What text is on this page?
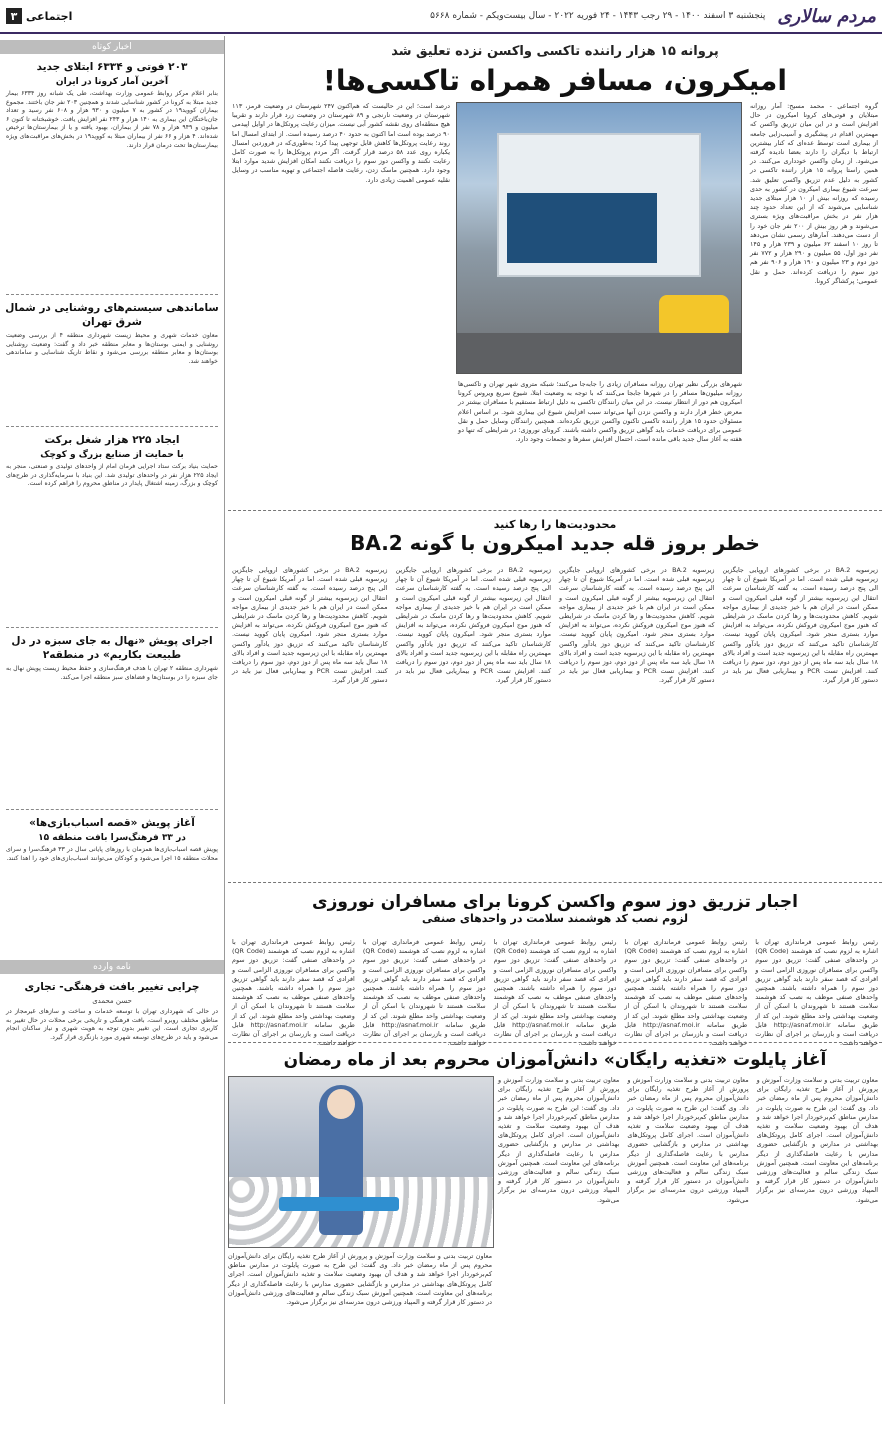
مردم سالاری
پنجشنبه ۳ اسفند ۱۴۰۰ - ۲۹ رجب ۱۴۴۳ - ۲۴ فوریه ۲۰۲۲ - سال بیست‌و‌یکم - شماره ۵۶۶۸
اجتماعی
۳
پروانه ۱۵ هزار راننده تاکسی واکسن نزده تعلیق شد
امیکرون، مسافر همراه تاکسی‌ها!

گروه اجتماعی - محمد مسیح: آمار روزانه مبتلایان و فوتی‌های کرونا امیکرون در حال افزایش است و در این میان تزریق واکسن که مهمترین اقدام در پیشگیری و آسیب‌زایی جامعه از بیماری است توسط عده‌ای که کنار بیشترین ارتباط با دیگران را دارند بعضا نادیده گرفته می‌شود. از زمان واکسن خودداری می‌کنند. در همین راستا پروانه ۱۵ هزار راننده تاکسی در کشور به دلیل عدم تزریق واکسن تعلیق شد. سرعت شیوع بیماری امیکرون در کشور به حدی رسیده که روزانه بیش از ۱۰ هزار مبتلای جدید شناسایی می‌شوند که از این تعداد حدود چند هزار نفر در بخش مراقبت‌های ویژه بستری می‌شوند و هر روز بیش از ۲۰۰ نفر جان خود را از دست می‌دهند. آمارهای رسمی نشان می‌دهد تا روز ۱۰ اسفند ۶۲ میلیون و ۲۳۹ هزار و ۱۴۵ نفر دوز اول، ۵۵ میلیون و ۲۹۰ هزار و ۷۷۲ نفر دوز دوم و ۲۳ میلیون و ۱۹۰ هزار و ۹۰۶ نفر هم دوز سوم را دریافت کرده‌اند. حمل و نقل عمومی؛ پرکشاگر کرونا.

شهرهای بزرگی نظیر تهران روزانه مسافران زیادی را جابه‌جا می‌کنند؛ شبکه متروی شهر تهران و تاکسی‌ها روزانه میلیون‌ها مسافر را در شهرها جابجا می‌کنند که با توجه به وضعیت ابتلا، شیوع سریع ویروس کرونا امیکرون هم دور از انتظار نیست. در این میان رانندگان تاکسی به دلیل ارتباط مستقیم با مسافران بیشتر در معرض خطر قرار دارند و واکسن نزدن آنها می‌تواند سبب افزایش شیوع این بیماری شود. بر اساس اعلام مسئولان حدود ۱۵ هزار راننده تاکسی تاکنون واکسن تزریق نکرده‌اند. همچنین رانندگان وسایل حمل و نقل عمومی برای دریافت خدمات باید گواهی تزریق واکسن داشته باشند. کرونای نوروزی؛ در شرایطی که تنها دو هفته به آغاز سال جدید باقی مانده است، احتمال افزایش سفرها و تجمعات وجود دارد.

درصد است؛ این در حالیست که هم‌اکنون ۲۴۷ شهرستان در وضعیت قرمز، ۱۱۳ شهرستان در وضعیت نارنجی و ۸۹ شهرستان در وضعیت زرد قرار دارند و تقریبا هیچ منطقه‌ای روی نقشه کشور آبی نیست. میزان رعایت پروتکل‌ها در اوایل اپیدمی ۹۰ درصد بوده است اما اکنون به حدود ۴۰ درصد رسیده است. از ابتدای امسال اما روند رعایت پروتکل‌ها کاهش قابل توجهی پیدا کرد؛ به‌طوری‌که در فروردین امسال یکباره روی عدد ۵۸ درصد قرار گرفت. اگر مردم پروتکل‌ها را به صورت کامل رعایت نکنند و واکسن دوز سوم را دریافت نکنند امکان افزایش شدید موارد ابتلا وجود دارد. همچنین ماسک زدن، رعایت فاصله اجتماعی و تهویه مناسب در وسایل نقلیه عمومی اهمیت زیادی دارد.

محدودیت‌ها را رها کنید
خطر بروز قله جدید امیکرون با گونه BA.2

زیرسویه BA.2 در برخی کشورهای اروپایی جایگزین زیرسویه قبلی شده است. اما در آمریکا شیوع آن تا چهار الی پنج درصد رسیده است. به گفته کارشناسان سرعت انتقال این زیرسویه بیشتر از گونه قبلی امیکرون است و ممکن است در ایران هم با خیز جدیدی از بیماری مواجه شویم. کاهش محدودیت‌ها و رها کردن ماسک در شرایطی که هنوز موج امیکرون فروکش نکرده، می‌تواند به افزایش موارد بستری منجر شود. امیکرون پایان کووید نیست. کارشناسان تاکید می‌کنند که تزریق دوز یادآور واکسن مهمترین راه مقابله با این زیرسویه جدید است و افراد بالای ۱۸ سال باید سه ماه پس از دوز دوم، دوز سوم را دریافت کنند. افزایش تست PCR و بیماریابی فعال نیز باید در دستور کار قرار گیرد.

زیرسویه BA.2 در برخی کشورهای اروپایی جایگزین زیرسویه قبلی شده است. اما در آمریکا شیوع آن تا چهار الی پنج درصد رسیده است. به گفته کارشناسان سرعت انتقال این زیرسویه بیشتر از گونه قبلی امیکرون است و ممکن است در ایران هم با خیز جدیدی از بیماری مواجه شویم. کاهش محدودیت‌ها و رها کردن ماسک در شرایطی که هنوز موج امیکرون فروکش نکرده، می‌تواند به افزایش موارد بستری منجر شود. امیکرون پایان کووید نیست. کارشناسان تاکید می‌کنند که تزریق دوز یادآور واکسن مهمترین راه مقابله با این زیرسویه جدید است و افراد بالای ۱۸ سال باید سه ماه پس از دوز دوم، دوز سوم را دریافت کنند. افزایش تست PCR و بیماریابی فعال نیز باید در دستور کار قرار گیرد.

زیرسویه BA.2 در برخی کشورهای اروپایی جایگزین زیرسویه قبلی شده است. اما در آمریکا شیوع آن تا چهار الی پنج درصد رسیده است. به گفته کارشناسان سرعت انتقال این زیرسویه بیشتر از گونه قبلی امیکرون است و ممکن است در ایران هم با خیز جدیدی از بیماری مواجه شویم. کاهش محدودیت‌ها و رها کردن ماسک در شرایطی که هنوز موج امیکرون فروکش نکرده، می‌تواند به افزایش موارد بستری منجر شود. امیکرون پایان کووید نیست. کارشناسان تاکید می‌کنند که تزریق دوز یادآور واکسن مهمترین راه مقابله با این زیرسویه جدید است و افراد بالای ۱۸ سال باید سه ماه پس از دوز دوم، دوز سوم را دریافت کنند. افزایش تست PCR و بیماریابی فعال نیز باید در دستور کار قرار گیرد.

زیرسویه BA.2 در برخی کشورهای اروپایی جایگزین زیرسویه قبلی شده است. اما در آمریکا شیوع آن تا چهار الی پنج درصد رسیده است. به گفته کارشناسان سرعت انتقال این زیرسویه بیشتر از گونه قبلی امیکرون است و ممکن است در ایران هم با خیز جدیدی از بیماری مواجه شویم. کاهش محدودیت‌ها و رها کردن ماسک در شرایطی که هنوز موج امیکرون فروکش نکرده، می‌تواند به افزایش موارد بستری منجر شود. امیکرون پایان کووید نیست. کارشناسان تاکید می‌کنند که تزریق دوز یادآور واکسن مهمترین راه مقابله با این زیرسویه جدید است و افراد بالای ۱۸ سال باید سه ماه پس از دوز دوم، دوز سوم را دریافت کنند. افزایش تست PCR و بیماریابی فعال نیز باید در دستور کار قرار گیرد.

اجبار تزریق دوز سوم واکسن کرونا برای مسافران نوروزی
لزوم نصب کد هوشمند سلامت در واحدهای صنفی

رئیس روابط عمومی فرمانداری تهران با اشاره به لزوم نصب کد هوشمند (QR Code) در واحدهای صنفی گفت: تزریق دوز سوم واکسن برای مسافران نوروزی الزامی است و افرادی که قصد سفر دارند باید گواهی تزریق دوز سوم را همراه داشته باشند. همچنین واحدهای صنفی موظف به نصب کد هوشمند سلامت هستند تا شهروندان با اسکن آن از وضعیت بهداشتی واحد مطلع شوند. این کد از طریق سامانه http://asnaf.moi.ir قابل دریافت است و بازرسان بر اجرای آن نظارت خواهند داشت.

رئیس روابط عمومی فرمانداری تهران با اشاره به لزوم نصب کد هوشمند (QR Code) در واحدهای صنفی گفت: تزریق دوز سوم واکسن برای مسافران نوروزی الزامی است و افرادی که قصد سفر دارند باید گواهی تزریق دوز سوم را همراه داشته باشند. همچنین واحدهای صنفی موظف به نصب کد هوشمند سلامت هستند تا شهروندان با اسکن آن از وضعیت بهداشتی واحد مطلع شوند. این کد از طریق سامانه http://asnaf.moi.ir قابل دریافت است و بازرسان بر اجرای آن نظارت خواهند داشت.

رئیس روابط عمومی فرمانداری تهران با اشاره به لزوم نصب کد هوشمند (QR Code) در واحدهای صنفی گفت: تزریق دوز سوم واکسن برای مسافران نوروزی الزامی است و افرادی که قصد سفر دارند باید گواهی تزریق دوز سوم را همراه داشته باشند. همچنین واحدهای صنفی موظف به نصب کد هوشمند سلامت هستند تا شهروندان با اسکن آن از وضعیت بهداشتی واحد مطلع شوند. این کد از طریق سامانه http://asnaf.moi.ir قابل دریافت است و بازرسان بر اجرای آن نظارت خواهند داشت.

رئیس روابط عمومی فرمانداری تهران با اشاره به لزوم نصب کد هوشمند (QR Code) در واحدهای صنفی گفت: تزریق دوز سوم واکسن برای مسافران نوروزی الزامی است و افرادی که قصد سفر دارند باید گواهی تزریق دوز سوم را همراه داشته باشند. همچنین واحدهای صنفی موظف به نصب کد هوشمند سلامت هستند تا شهروندان با اسکن آن از وضعیت بهداشتی واحد مطلع شوند. این کد از طریق سامانه http://asnaf.moi.ir قابل دریافت است و بازرسان بر اجرای آن نظارت خواهند داشت.

رئیس روابط عمومی فرمانداری تهران با اشاره به لزوم نصب کد هوشمند (QR Code) در واحدهای صنفی گفت: تزریق دوز سوم واکسن برای مسافران نوروزی الزامی است و افرادی که قصد سفر دارند باید گواهی تزریق دوز سوم را همراه داشته باشند. همچنین واحدهای صنفی موظف به نصب کد هوشمند سلامت هستند تا شهروندان با اسکن آن از وضعیت بهداشتی واحد مطلع شوند. این کد از طریق سامانه http://asnaf.moi.ir قابل دریافت است و بازرسان بر اجرای آن نظارت خواهند داشت.

آغاز پایلوت «تغذیه رایگان» دانش‌آموزان محروم بعد از ماه رمضان

معاون تربیت بدنی و سلامت وزارت آموزش و پرورش از آغاز طرح تغذیه رایگان برای دانش‌آموزان محروم پس از ماه رمضان خبر داد. وی گفت: این طرح به صورت پایلوت در مدارس مناطق کم‌برخوردار اجرا خواهد شد و هدف آن بهبود وضعیت سلامت و تغذیه دانش‌آموزان است. اجرای کامل پروتکل‌های بهداشتی در مدارس و بازگشایی حضوری مدارس با رعایت فاصله‌گذاری از دیگر برنامه‌های این معاونت است. همچنین آموزش سبک زندگی سالم و فعالیت‌های ورزشی دانش‌آموزان در دستور کار قرار گرفته و المپیاد ورزشی درون مدرسه‌ای نیز برگزار می‌شود.

معاون تربیت بدنی و سلامت وزارت آموزش و پرورش از آغاز طرح تغذیه رایگان برای دانش‌آموزان محروم پس از ماه رمضان خبر داد. وی گفت: این طرح به صورت پایلوت در مدارس مناطق کم‌برخوردار اجرا خواهد شد و هدف آن بهبود وضعیت سلامت و تغذیه دانش‌آموزان است. اجرای کامل پروتکل‌های بهداشتی در مدارس و بازگشایی حضوری مدارس با رعایت فاصله‌گذاری از دیگر برنامه‌های این معاونت است. همچنین آموزش سبک زندگی سالم و فعالیت‌های ورزشی دانش‌آموزان در دستور کار قرار گرفته و المپیاد ورزشی درون مدرسه‌ای نیز برگزار می‌شود.

معاون تربیت بدنی و سلامت وزارت آموزش و پرورش از آغاز طرح تغذیه رایگان برای دانش‌آموزان محروم پس از ماه رمضان خبر داد. وی گفت: این طرح به صورت پایلوت در مدارس مناطق کم‌برخوردار اجرا خواهد شد و هدف آن بهبود وضعیت سلامت و تغذیه دانش‌آموزان است. اجرای کامل پروتکل‌های بهداشتی در مدارس و بازگشایی حضوری مدارس با رعایت فاصله‌گذاری از دیگر برنامه‌های این معاونت است. همچنین آموزش سبک زندگی سالم و فعالیت‌های ورزشی دانش‌آموزان در دستور کار قرار گرفته و المپیاد ورزشی درون مدرسه‌ای نیز برگزار می‌شود.

معاون تربیت بدنی و سلامت وزارت آموزش و پرورش از آغاز طرح تغذیه رایگان برای دانش‌آموزان محروم پس از ماه رمضان خبر داد. وی گفت: این طرح به صورت پایلوت در مدارس مناطق کم‌برخوردار اجرا خواهد شد و هدف آن بهبود وضعیت سلامت و تغذیه دانش‌آموزان است. اجرای کامل پروتکل‌های بهداشتی در مدارس و بازگشایی حضوری مدارس با رعایت فاصله‌گذاری از دیگر برنامه‌های این معاونت است. همچنین آموزش سبک زندگی سالم و فعالیت‌های ورزشی دانش‌آموزان در دستور کار قرار گرفته و المپیاد ورزشی درون مدرسه‌ای نیز برگزار می‌شود.

اخبار کوتاه
۲۰۳ فوتی و ۶۳۳۴ ابتلای جدید
آخرین آمار کرونا در ایران
بنابر اعلام مرکز روابط عمومی وزارت بهداشت، طی یک شبانه روز ۶۳۳۴ بیمار جدید مبتلا به کرونا در کشور شناسایی شدند و همچنین ۲۰۳ نفر جان باختند. مجموع بیماران کووید۱۹ در کشور به ۷ میلیون و ۹۳۰ هزار و ۶۰۸ نفر رسید و تعداد جان‌باختگان این بیماری به ۱۴۰ هزار و ۲۴۳ نفر افزایش یافت. خوشبختانه تا کنون ۶ میلیون و ۹۴۹ هزار و ۷۸ نفر از بیماران، بهبود یافته و یا از بیمارستان‌ها ترخیص شده‌اند. ۴ هزار و ۶۶ نفر از بیماران مبتلا به کووید۱۹ در بخش‌های مراقبت‌های ویژه بیمارستان‌ها تحت درمان قرار دارند.
ساماندهی سیستم‌های روشنایی در شمال شرق تهران
معاون خدمات شهری و محیط زیست شهرداری منطقه ۴ از بررسی وضعیت روشنایی و ایمنی بوستان‌ها و معابر منطقه خبر داد و گفت: وضعیت روشنایی بوستان‌ها و معابر منطقه بررسی می‌شود و نقاط تاریک شناسایی و ساماندهی خواهند شد.
ایجاد ۲۲۵ هزار شغل برکت
با حمایت از صنایع بزرگ و کوچک
حمایت بنیاد برکت ستاد اجرایی فرمان امام از واحدهای تولیدی و صنعتی، منجر به ایجاد ۲۲۵ هزار نفر در واحدهای تولیدی شد. این بنیاد با سرمایه‌گذاری در طرح‌های کوچک و بزرگ، زمینه اشتغال پایدار در مناطق محروم را فراهم کرده است.
اجرای پویش «نهال به جای سبزه در دل طبیعت بکاریم» در منطقه۲
شهرداری منطقه ۲ تهران با هدف فرهنگ‌سازی و حفظ محیط زیست پویش نهال به جای سبزه را در بوستان‌ها و فضاهای سبز منطقه اجرا می‌کند.
آغاز پویش «قصه اسباب‌بازی‌ها»
در ۳۳ فرهنگ‌سرا بافت منطقه ۱۵
پویش قصه اسباب‌بازی‌ها همزمان با روزهای پایانی سال در ۳۳ فرهنگ‌سرا و سرای محلات منطقه ۱۵ اجرا می‌شود و کودکان می‌توانند اسباب‌بازی‌های خود را اهدا کنند.
نامه وارده
چرایی تغییر بافت فرهنگی- تجاری
حسن محمدی
در حالی که شهرداری تهران با توسعه خدمات و ساخت و سازهای غیرمجاز در مناطق مختلف روبرو است، بافت فرهنگی و تاریخی برخی محلات در حال تغییر به کاربری تجاری است. این تغییر بدون توجه به هویت شهری و نیاز ساکنان انجام می‌شود و باید در طرح‌های توسعه شهری مورد بازنگری قرار گیرد.
